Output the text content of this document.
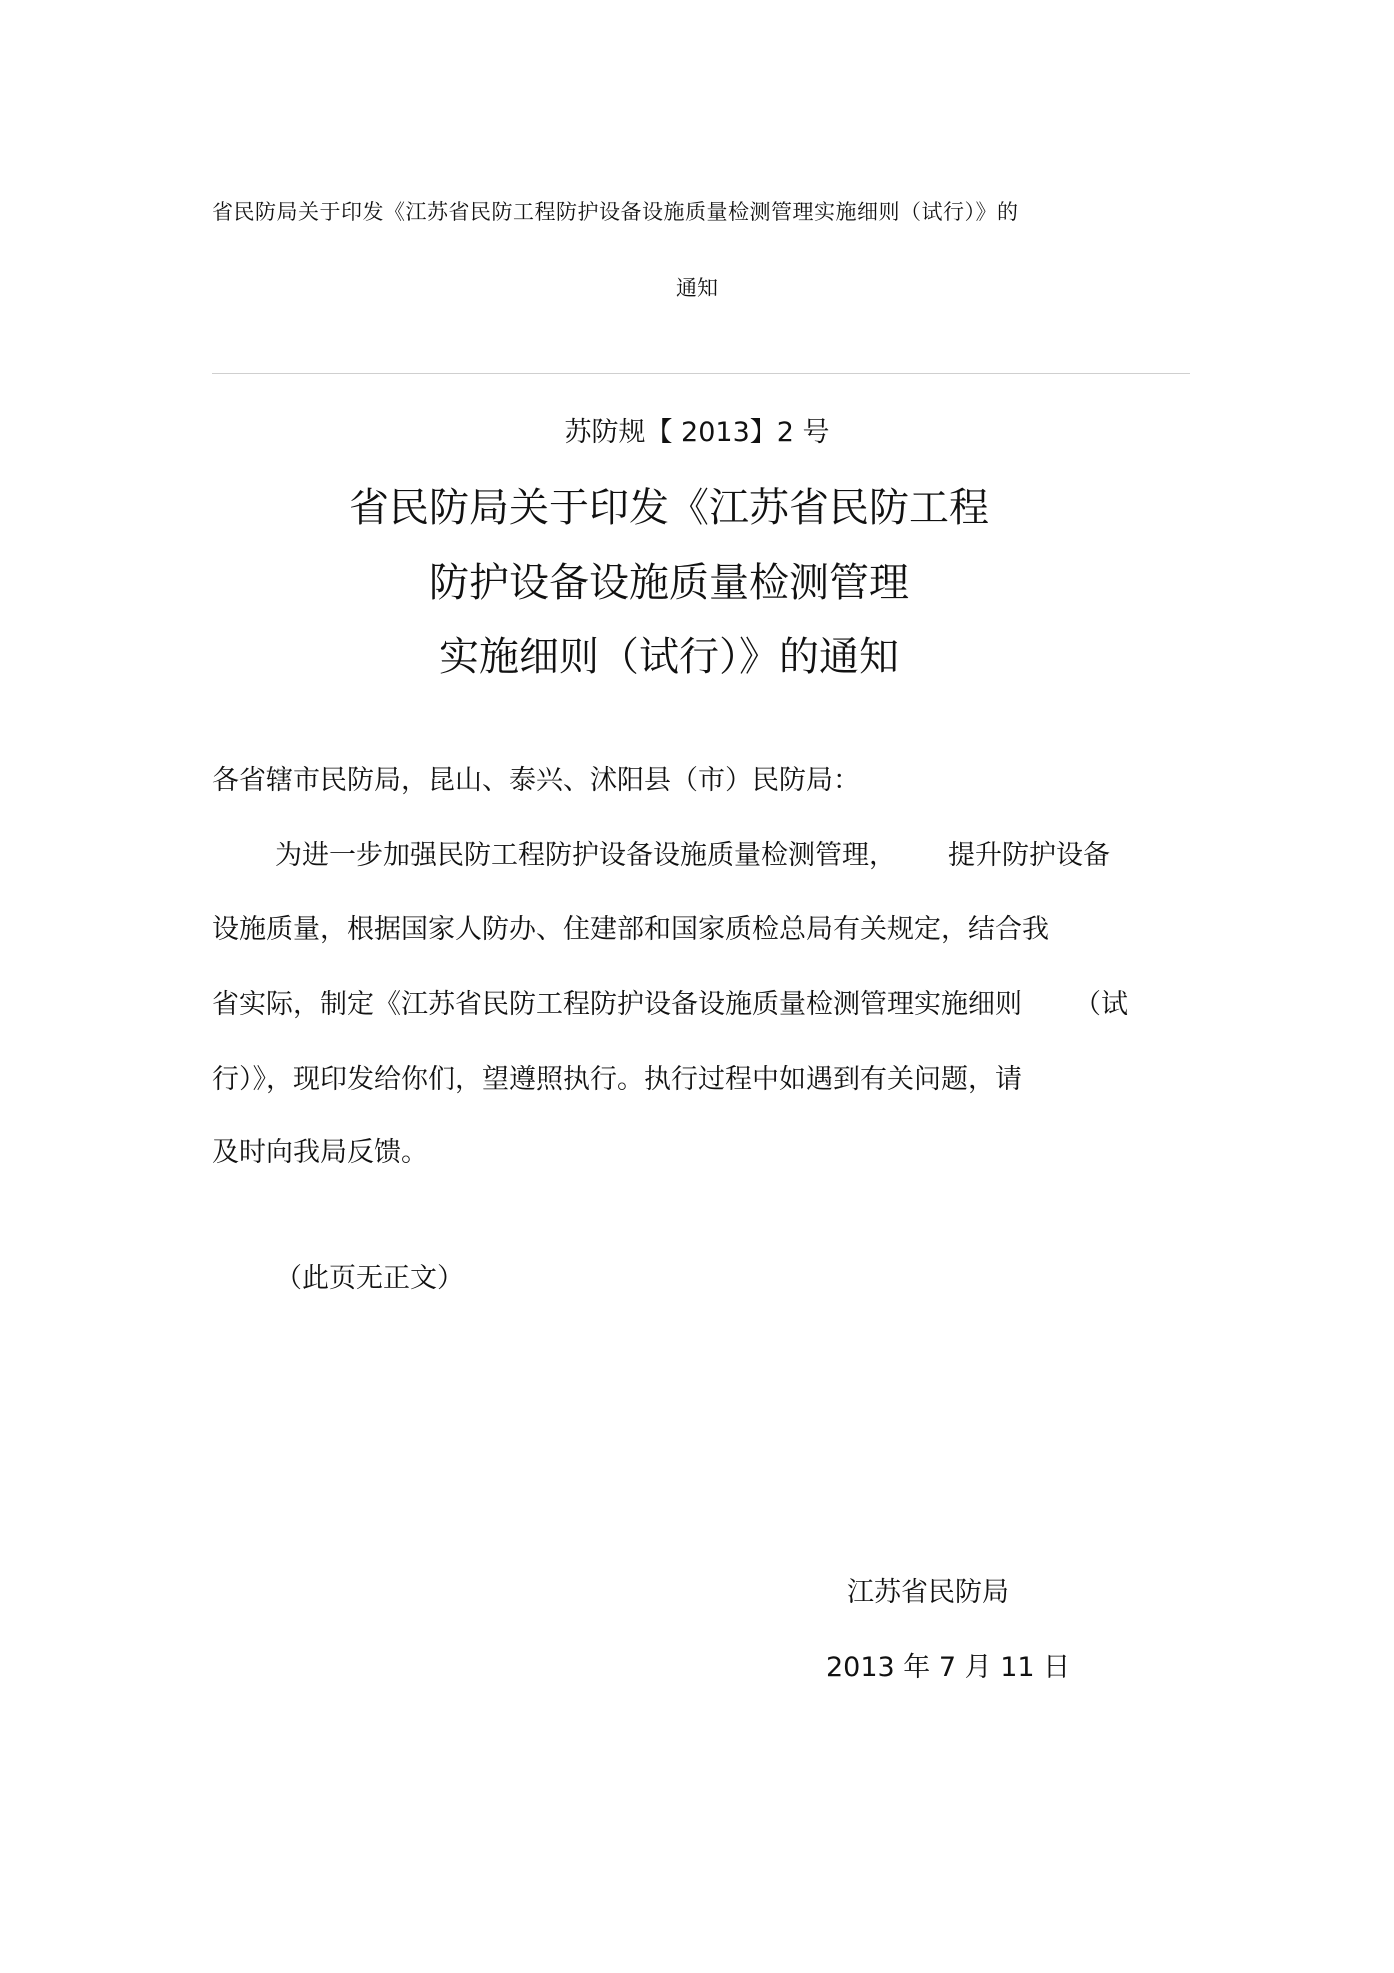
省民防局关于印发《江苏省民防工程防护设备设施质量检测管理实施细则（试行）》的
通知
苏防规【 2013】2 号
省民防局关于印发《江苏省民防工程
防护设备设施质量检测管理
实施细则（试行）》的通知
各省辖市民防局，昆山、泰兴、沭阳县（市）民防局：
为进一步加强民防工程防护设备设施质量检测管理， 提升防护设备
设施质量，根据国家人防办、住建部和国家质检总局有关规定，结合我
省实际，制定《江苏省民防工程防护设备设施质量检测管理实施细则 （试
行）》，现印发给你们，望遵照执行。执行过程中如遇到有关问题，请
及时向我局反馈。
（此页无正文）
江苏省民防局
2013 年 7 月 11 日
